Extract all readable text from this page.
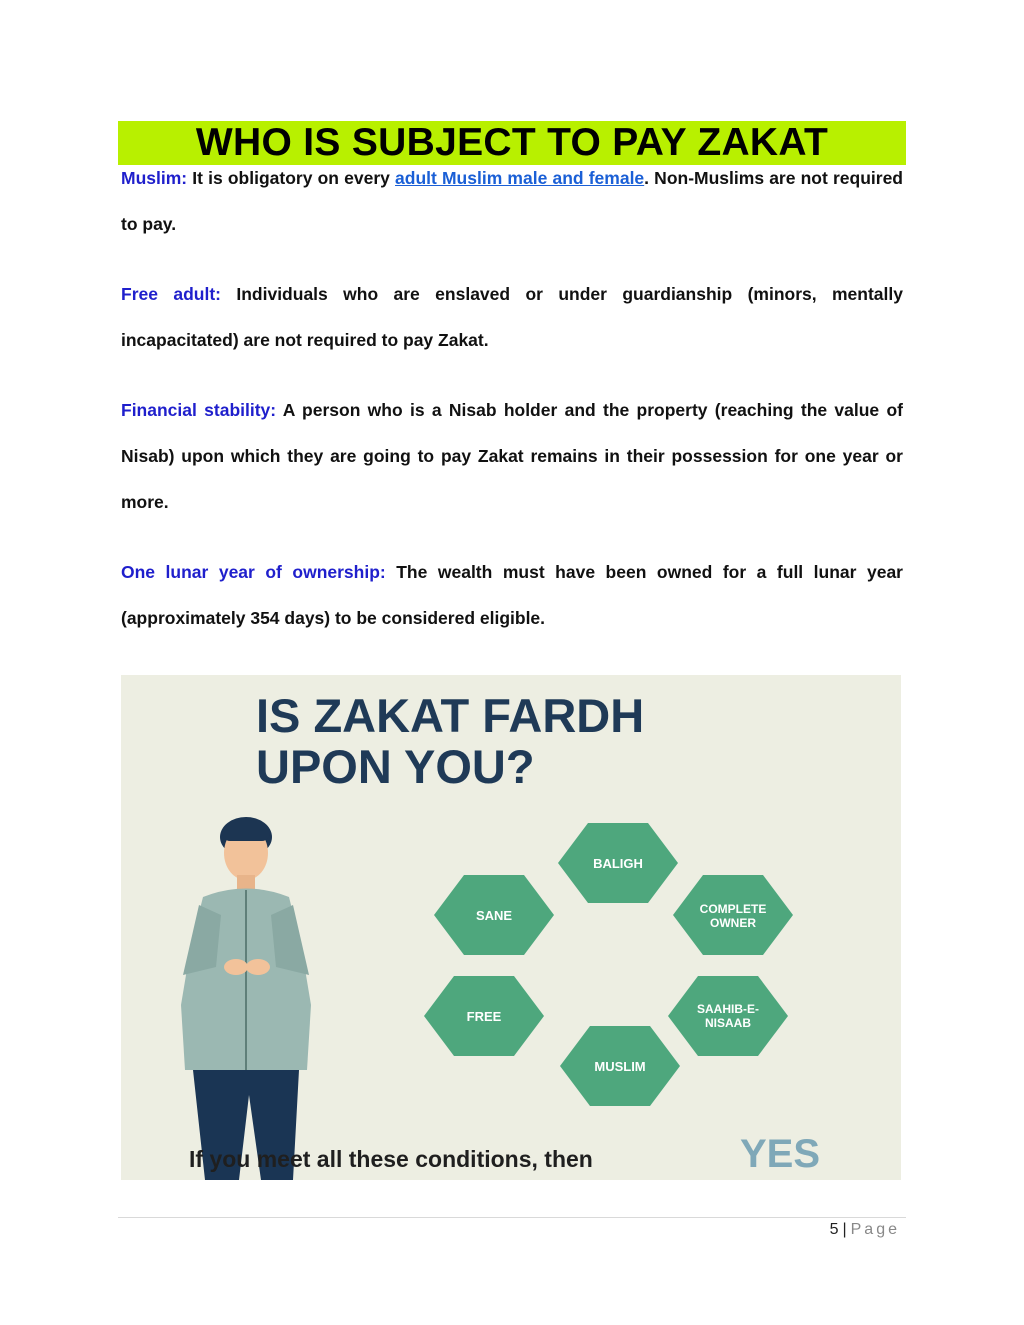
WHO IS SUBJECT TO PAY ZAKAT
Muslim: It is obligatory on every adult Muslim male and female. Non-Muslims are not required to pay.
Free adult: Individuals who are enslaved or under guardianship (minors, mentally incapacitated) are not required to pay Zakat.
Financial stability: A person who is a Nisab holder and the property (reaching the value of Nisab) upon which they are going to pay Zakat remains in their possession for one year or more.
One lunar year of ownership: The wealth must have been owned for a full lunar year (approximately 354 days) to be considered eligible.
IS ZAKAT FARDH
UPON YOU?
BALIGH
SANE	COMPLETE
OWNER
FREE	SAAHIB-E-
NISAAB
MUSLIM
If you meet all these conditions, then	YES
5 | Page
